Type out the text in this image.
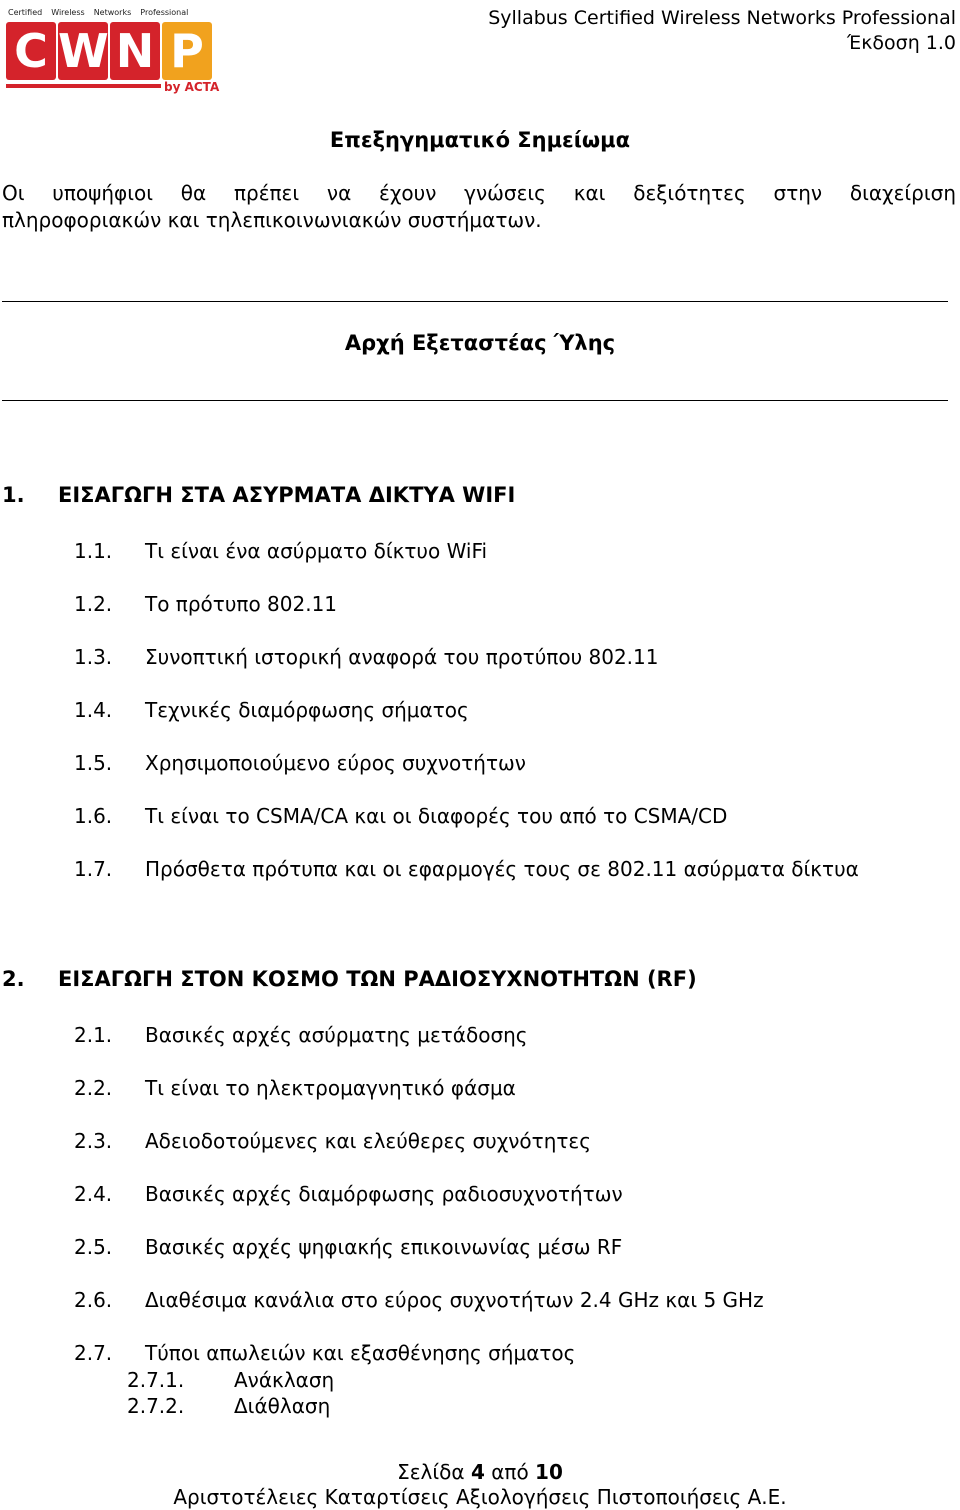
Certified Wireless Networks Professional
C W N P
by ACTA
Syllabus Certified Wireless Networks Professional
Έκδοση 1.0
Επεξηγηματικό Σημείωμα
Οι υποψήφιοι θα πρέπει να έχουν γνώσεις και δεξιότητες στην διαχείριση
πληροφοριακών και τηλεπικοινωνιακών συστήματων.
Αρχή Εξεταστέας Ύλης
1. ΕΙΣΑΓΩΓΗ ΣΤΑ ΑΣΥΡΜΑΤΑ ΔΙΚΤΥΑ WIFI
1.1. Τι είναι ένα ασύρματο δίκτυο WiFi
1.2. Το πρότυπο 802.11
1.3. Συνοπτική ιστορική αναφορά του προτύπου 802.11
1.4. Τεχνικές διαμόρφωσης σήματος
1.5. Χρησιμοποιούμενο εύρος συχνοτήτων
1.6. Τι είναι το CSMA/CA και οι διαφορές του από το CSMA/CD
1.7. Πρόσθετα πρότυπα και οι εφαρμογές τους σε 802.11 ασύρματα δίκτυα
2. ΕΙΣΑΓΩΓΗ ΣΤΟΝ ΚΟΣΜΟ ΤΩΝ ΡΑΔΙΟΣΥΧΝΟΤΗΤΩΝ (RF)
2.1. Βασικές αρχές ασύρματης μετάδοσης
2.2. Τι είναι το ηλεκτρομαγνητικό φάσμα
2.3. Αδειοδοτούμενες και ελεύθερες συχνότητες
2.4. Βασικές αρχές διαμόρφωσης ραδιοσυχνοτήτων
2.5. Βασικές αρχές ψηφιακής επικοινωνίας μέσω RF
2.6. Διαθέσιμα κανάλια στο εύρος συχνοτήτων 2.4 GHz και 5 GHz
2.7. Τύποι απωλειών και εξασθένησης σήματος
2.7.1. Ανάκλαση
2.7.2. Διάθλαση
Σελίδα 4 από 10
Αριστοτέλειες Καταρτίσεις Αξιολογήσεις Πιστοποιήσεις Α.Ε.
